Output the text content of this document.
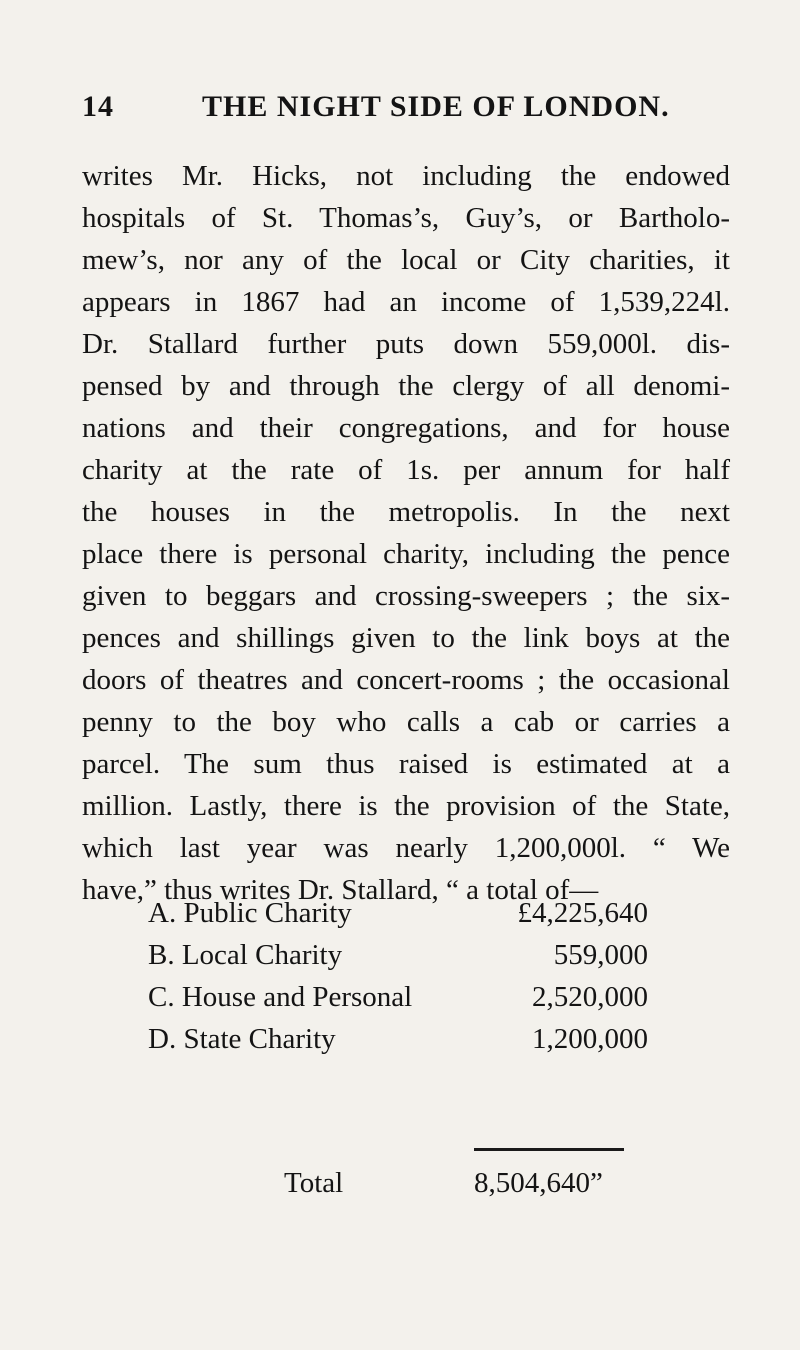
14	THE NIGHT SIDE OF LONDON.
writes Mr. Hicks, not including the endowed
hospitals of St. Thomas’s, Guy’s, or Bartholo-
mew’s, nor any of the local or City charities, it
appears in 1867 had an income of 1,539,224l.
Dr. Stallard further puts down 559,000l. dis-
pensed by and through the clergy of all denomi-
nations and their congregations, and for house
charity at the rate of 1s. per annum for half
the houses in the metropolis. In the next
place there is personal charity, including the pence
given to beggars and crossing-sweepers ; the six-
pences and shillings given to the link boys at the
doors of theatres and concert-rooms ; the occasional
penny to the boy who calls a cab or carries a
parcel. The sum thus raised is estimated at a
million. Lastly, there is the provision of the State,
which last year was nearly 1,200,000l. “ We
have,” thus writes Dr. Stallard, “ a total of—
A. Public Charity	£4,225,640
B. Local Charity	559,000
C. House and Personal	2,520,000
D. State Charity	1,200,000
Total	8,504,640”
